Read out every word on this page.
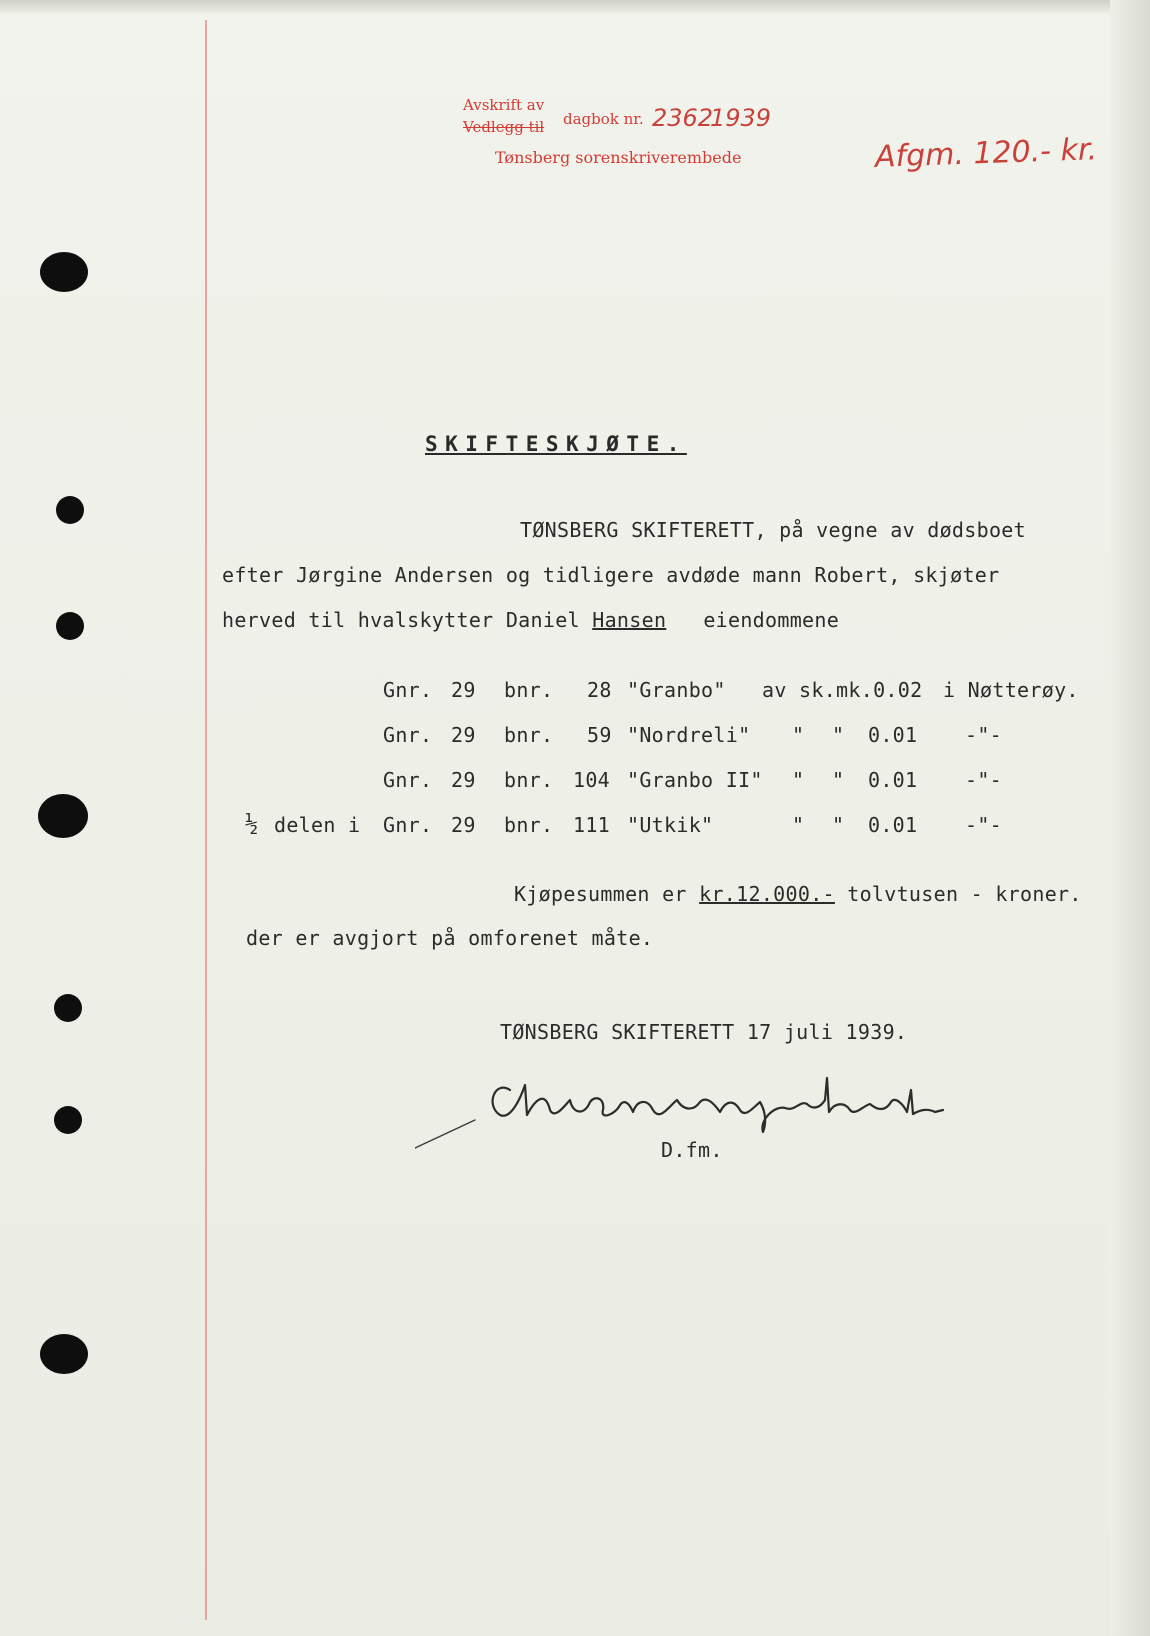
Avskrift av
Vedlegg til dagbok nr. 2362
1939
Tønsberg sorenskriverembede	Afgm. 120.- kr.
SKIFTESKJØTE.
TØNSBERG SKIFTERETT, på vegne av dødsboet
efter Jørgine Andersen og tidligere avdøde mann Robert, skjøter
herved til hvalskytter Daniel Hansen eiendommene
Gnr. 29 bnr. 28 "Granbo" av sk.mk.0.02 i Nøtterøy.
Gnr. 29 bnr. 59 "Nordreli" " " 0.01 -"-
Gnr. 29 bnr. 104 "Granbo II" " " 0.01 -"-
½ delen i Gnr. 29 bnr. 111 "Utkik"	" " 0.01 -"-
Kjøpesummen er kr.12.000.- tolvtusen - kroner.
der er avgjort på omforenet måte.
TØNSBERG SKIFTERETT 17 juli 1939.
D.fm.
